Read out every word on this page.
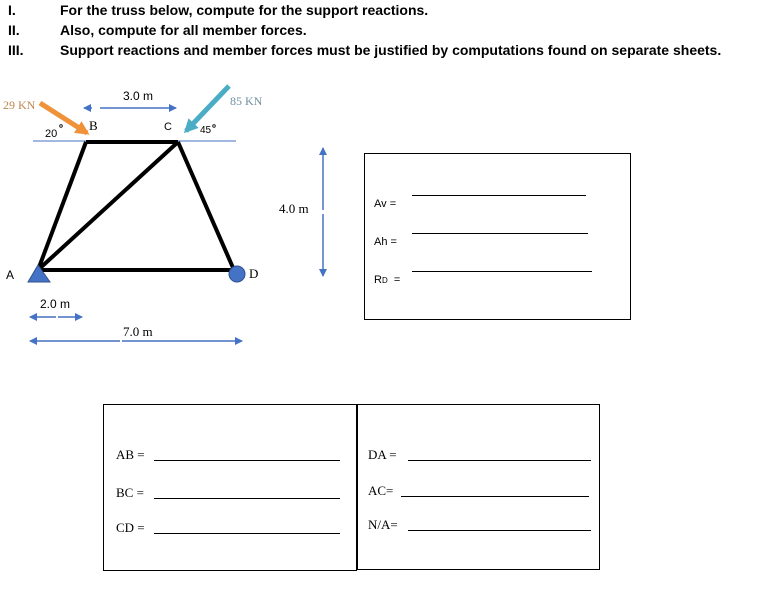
I.	For the truss below, compute for the support reactions.
II.	Also, compute for all member forces.
III.	Support reactions and member forces must be justified by computations found on separate sheets.
A
B	C
D
29 KN
20
85 KN
45
3.0 m
2.0 m
7.0 m
4.0 m	Av =
Ah =
RD  =
AB =
BC =
CD =
DA =
AC=
N/A=
